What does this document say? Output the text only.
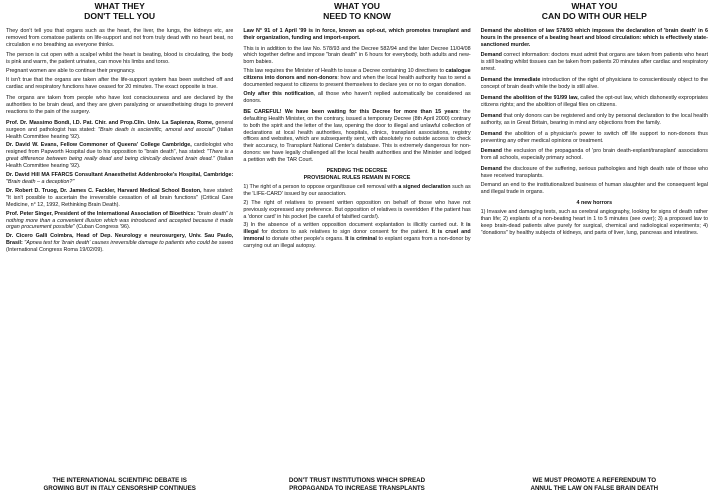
WHAT THEY
DON'T TELL YOU

They don't tell you that organs such as the heart, the liver, the lungs, the kidneys etc, are removed from comatose patients on life-support and not from truly dead with no heart beat, no circulation e no breathing as everyone thinks.

The person is cut open with a scalpel whilst the heart is beating, blood is circulating, the body is pink and warm, the patient urinates, can move his limbs and torso.

Pregnant women are able to continue their pregnancy.

It isn't true that the organs are taken after the life-support system has been switched off and cardiac and respiratory functions have ceased for 20 minutes. The exact opposite is true.

The organs are taken from people who have lost consciousness and are declared by the authorities to be brain dead, and they are given paralyzing or anaesthetising drugs to prevent reactions to the pain of the surgery.

Prof. Dr. Massimo Bondì, I.D. Pat. Chir. and Prop.Clin. Univ. La Sapienza, Rome, general surgeon and pathologist has stated: "Brain death is ascientific, amoral and asocial" (Italian Health Committee hearing '92).

Dr. David W. Evans, Fellow Commoner of Queens' College Cambridge, cardiologist who resigned from Papworth Hospital due to his opposition to "brain death", has stated: "There is a great difference between being really dead and being clinically declared brain dead." (Italian Health Committee hearing '92).

Dr. David Hill MA FFARCS Consultant Anaesthetist Addenbrooke's Hospital, Cambridge: "Brain death – a deception?"

Dr. Robert D. Truog, Dr. James C. Fackler, Harvard Medical School Boston, have stated: "It isn't possible to ascertain the irreversible cessation of all brain functions" (Critical Care Medicine, n° 12, 1992, Rethinking Brain Death).

Prof. Peter Singer, President of the International Association of Bioethics: "brain death" is nothing more than a convenient illusion which was introduced and accepted because it made organ procurement possible" (Cuban Congress '96).

Dr. Cicero Galli Coimbra, Head of Dep. Neurology e neurosurgery, Univ. Sau Paulo, Brasil: "Apnea test for 'brain death' causes irreversible damage to patients who could be saved (International Congress Roma 19/02/09).

THE INTERNATIONAL SCIENTIFIC DEBATE IS
GROWING BUT IN ITALY CENSORSHIP CONTINUES
WHAT YOU
NEED TO KNOW

Law N° 91 of 1 April '99 is in force, known as opt-out, which promotes transplant and their organization, funding and import-export.

This is in addition to the law No. 578/93 and the Decree 582/94 and the later Decree 11/04/08 which together define and impose "brain death" in 6 hours for everybody, both adults and new-born babies.

This law requires the Minister of Health to issue a Decree containing 10 directives to catalogue citizens into donors and non-donors: how and when the local health authority has to send a documented request to citizens to present themselves to declare yes or no to organ donation.

Only after this notification, all those who haven't replied automatically be considered as donors.

BE CAREFUL! We have been waiting for this Decree for more than 15 years: the defaulting Health Minister, on the contrary, issued a temporary Decree (8th April 2000) contrary to both the spirit and the letter of the law, opening the door to illegal and unlawful collection of declarations at local health authorities, hospitals, clinics, transplant associations, registry offices and websites, which are subsequently sent, with absolutely no outside access to check their accuracy, to Transplant National Center's database. This is extremely dangerous for non-donors: we have legally challenged all the local health authorities and the Minister and lodged a petition with the TAR Court.

PENDING THE DECREE
PROVISIONAL RULES REMAIN IN FORCE

1) The right of a person to oppose organ/tissue cell removal with a signed declaration such as the 'LIFE-CARD' issued by our association.

2) The right of relatives to present written opposition on behalf of those who have not previously expressed any preference. But opposition of relatives is overridden if the patient has a 'donor card' in his pocket (be careful of falsified cards!).

3) In the absence of a written opposition document explantation is illicitly carried out. It is illegal for doctors to ask relatives to sign donor consent for the patient. It is cruel and immoral to donate other people's organs. It is criminal to explant organs from a non-donor by carrying out an illegal autopsy.

DON'T TRUST INSTITUTIONS WHICH SPREAD
PROPAGANDA TO INCREASE TRANSPLANTS
WHAT YOU
CAN DO WITH OUR HELP

Demand the abolition of law 578/93 which imposes the declaration of 'brain death' in 6 hours in the presence of a beating heart and blood circulation: which is effectively state-sanctioned murder.

Demand correct information: doctors must admit that organs are taken from patients who heart is still beating whilst tissues can be taken from patients 20 minutes after cardiac and respiratory arrest.

Demand the immediate introduction of the right of physicians to conscientiously object to the concept of brain death while the body is still alive.

Demand the abolition of the 91/99 law, called the opt-out law, which dishonestly expropriates citizens rights; and the abolition of illegal files on citizens.

Demand that only donors can be registered and only by personal declaration to the local health authority, as in Great Britain, bearing in mind any objections from the family.

Demand the abolition of a physician's power to switch off life support to non-donors thus preventing any other medical opinions or treatment.

Demand the exclusion of the propaganda of 'pro brain death-explant/transplant' associations from all schools, especially primary school.

Demand the disclosure of the suffering, serious pathologies and high death rate of those who have received transplants.

Demand an end to the institutionalized business of human slaughter and the consequent legal and illegal trade in organs.

4 new horrors

1) Invasive and damaging tests, such as cerebral angiography, looking for signs of death rather than life; 2) explants of a non-beating heart in 1 to 5 minutes (see over); 3) a proposed law to keep brain-dead patients alive purely for surgical, chemical and radiological experiments; 4) "donations" by healthy subjects of kidneys, and parts of liver, lung, pancreas and intestines.

WE MUST PROMOTE A REFERENDUM TO
ANNUL THE LAW ON FALSE BRAIN DEATH
